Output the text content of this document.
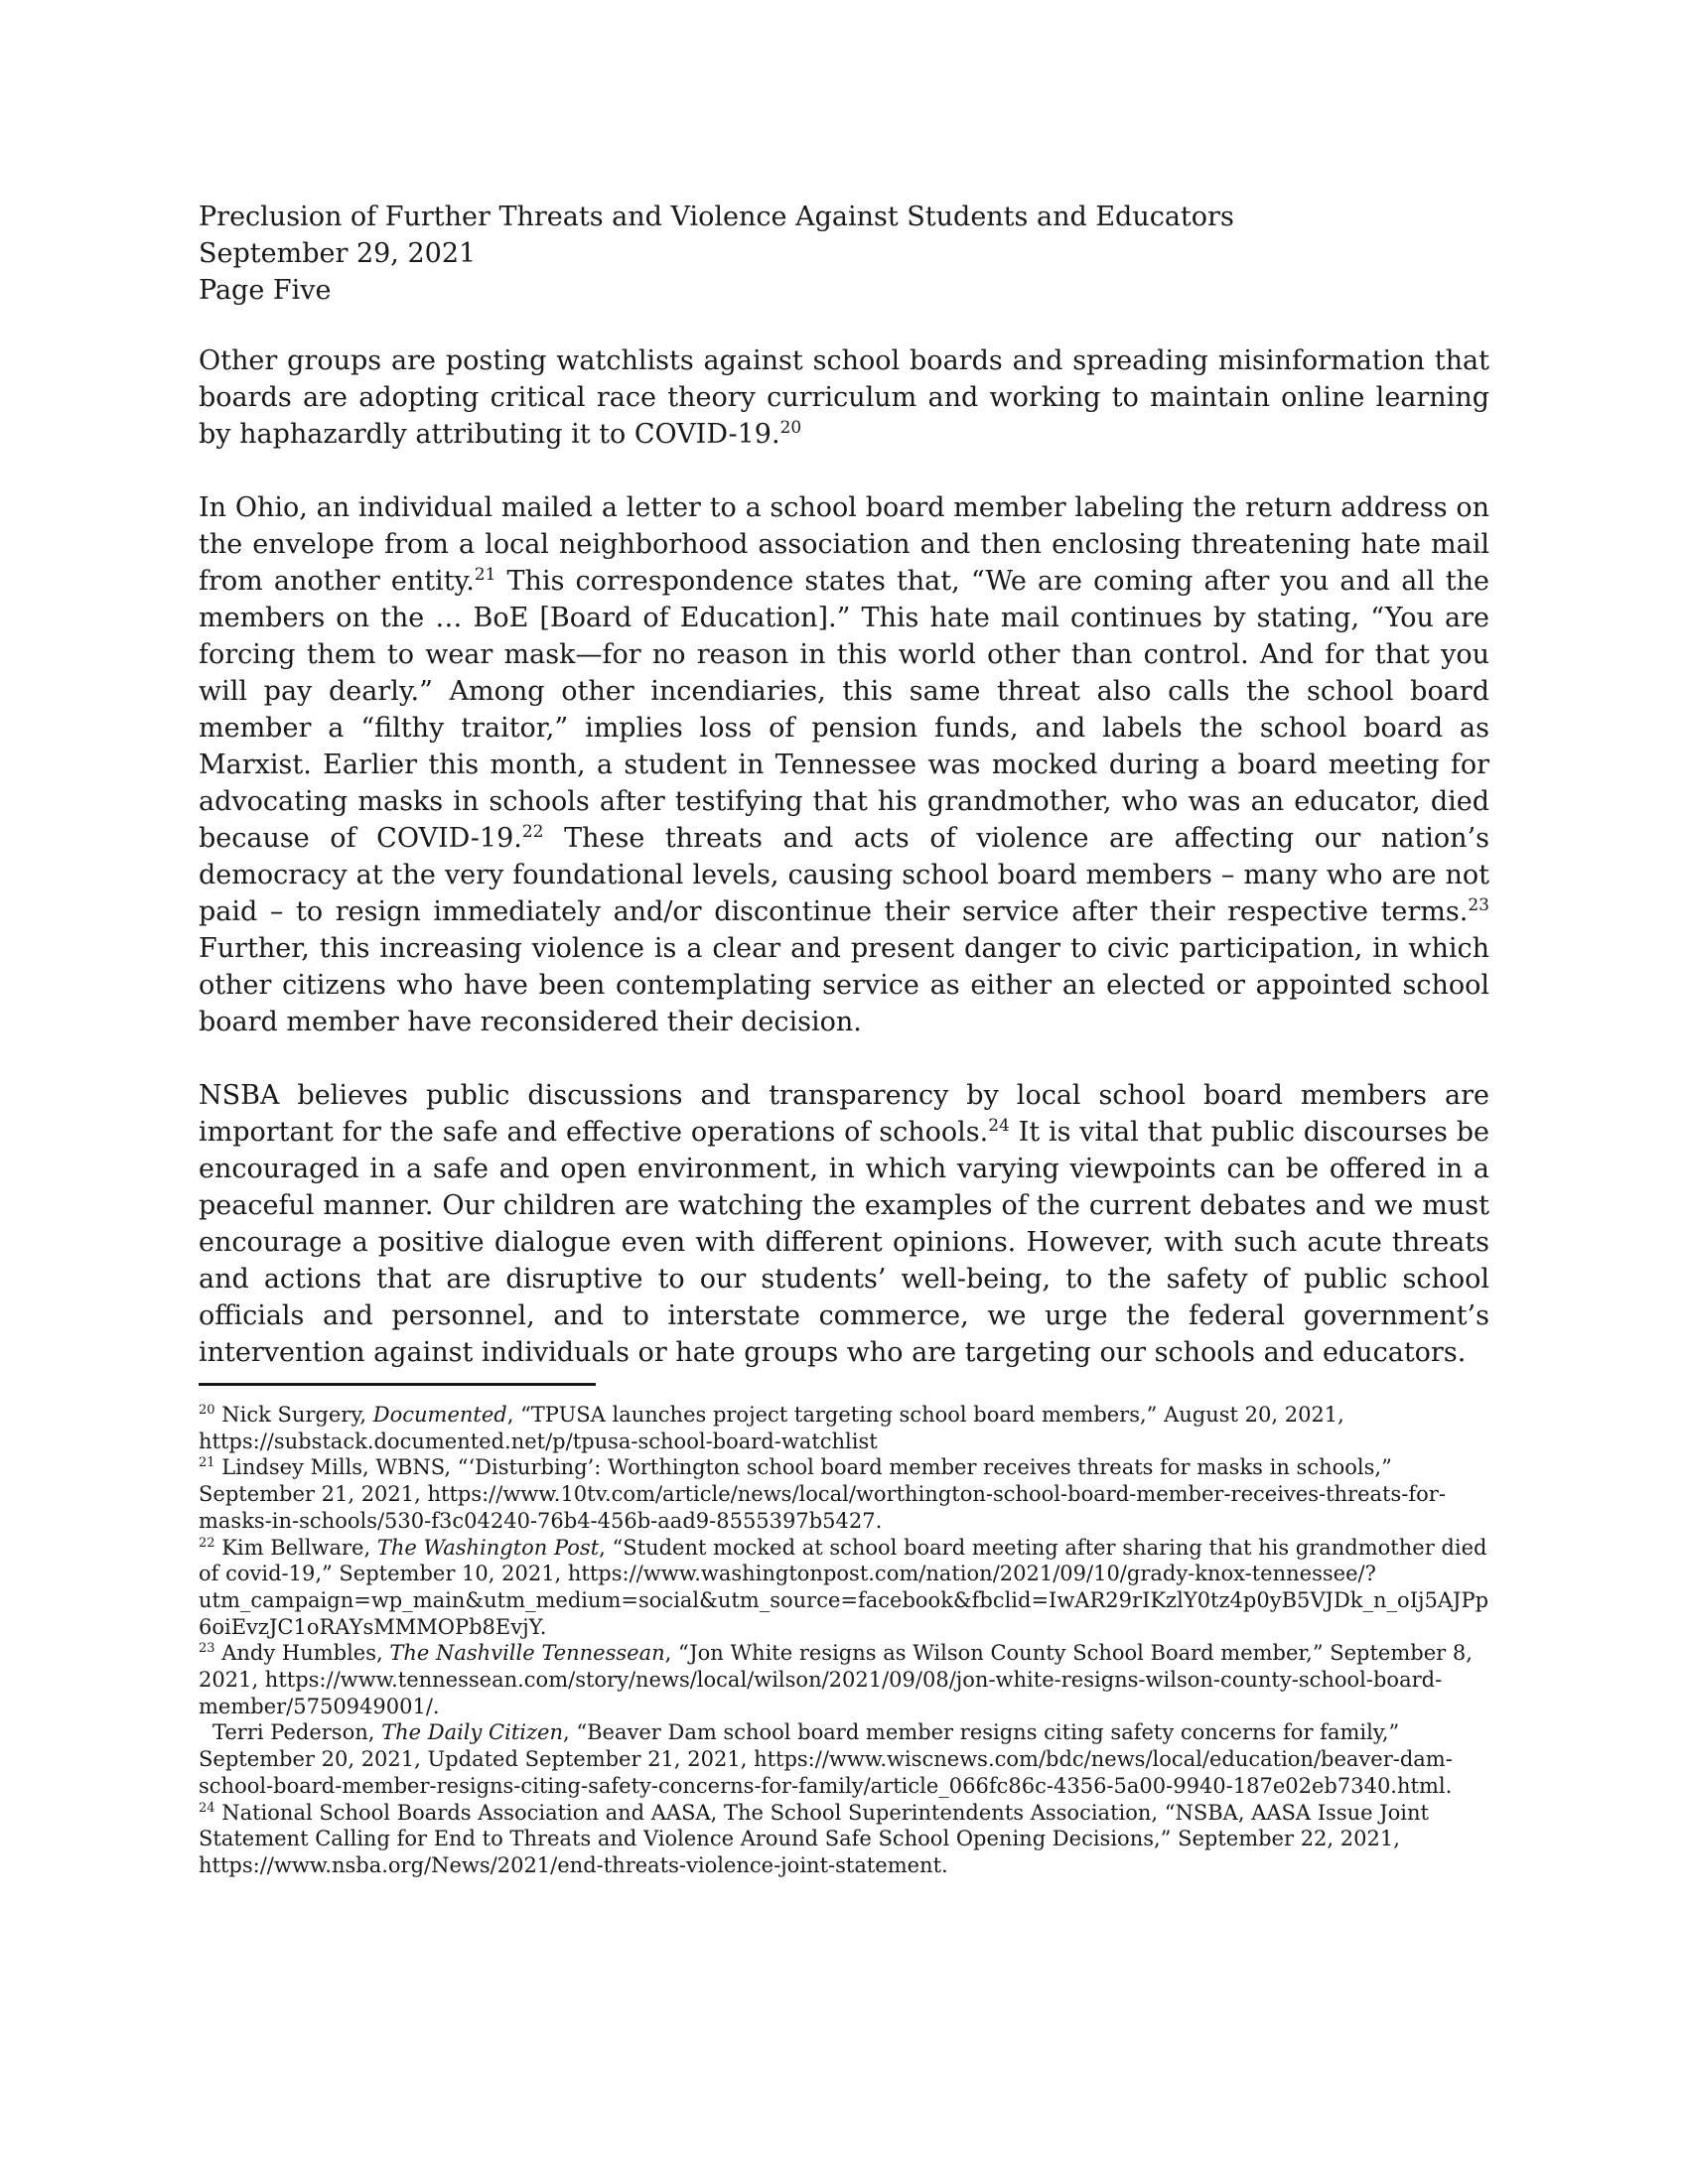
Preclusion of Further Threats and Violence Against Students and Educators
September 29, 2021
Page Five

Other groups are posting watchlists against school boards and spreading misinformation that boards are adopting critical race theory curriculum and working to maintain online learning by haphazardly attributing it to COVID-19.20

In Ohio, an individual mailed a letter to a school board member labeling the return address on the envelope from a local neighborhood association and then enclosing threatening hate mail from another entity.$^{21}$ This correspondence states that, “We are coming after you and all the members on the … BoE [Board of Education].” This hate mail continues by stating, “You are forcing them to wear mask—for no reason in this world other than control. And for that you will pay dearly.” Among other incendiaries, this same threat also calls the school board member a “filthy traitor,” implies loss of pension funds, and labels the school board as Marxist. Earlier this month, a student in Tennessee was mocked during a board meeting for advocating masks in schools after testifying that his grandmother, who was an educator, died because of COVID-19.22 These threats and acts of violence are affecting our nation’s democracy at the very foundational levels, causing school board members – many who are not paid – to resign immediately and/or discontinue their service after their respective terms.$^{23}$ Further, this increasing violence is a clear and present danger to civic participation, in which other citizens who have been contemplating service as either an elected or appointed school board member have reconsidered their decision.

NSBA believes public discussions and transparency by local school board members are important for the safe and effective operations of schools.$^{24}$ It is vital that public discourses be encouraged in a safe and open environment, in which varying viewpoints can be offered in a peaceful manner. Our children are watching the examples of the current debates and we must encourage a positive dialogue even with different opinions. However, with such acute threats and actions that are disruptive to our students’ well-being, to the safety of public school officials and personnel, and to interstate commerce, we urge the federal government’s intervention against individuals or hate groups who are targeting our schools and educators.

$^{20}$ Nick Surgery, Documented, “TPUSA launches project targeting school board members,” August 20, 2021, https://substack.documented.net/p/tpusa-school-board-watchlist

$^{21}$ Lindsey Mills, WBNS, “‘Disturbing’: Worthington school board member receives threats for masks in schools,” September 21, 2021, https://www.10tv.com/article/news/local/worthington-school-board-member-receives-threats-for-masks-in-schools/530-f3c04240-76b4-456b-aad9-8555397b5427.

$^{22}$ Kim Bellware, The Washington Post, “Student mocked at school board meeting after sharing that his grandmother died of covid-19,” September 10, 2021, https://www.washingtonpost.com/nation/2021/09/10/grady-knox-tennessee/?utm_campaign=wp_main&utm_medium=social&utm_source=facebook&fbclid=IwAR29rIKzlY0tz4p0yB5VJDk_n_oIj5AJPp6oiEvzJC1oRAYsMMMOPb8EvjY.

$^{23}$ Andy Humbles, The Nashville Tennessean, “Jon White resigns as Wilson County School Board member,” September 8, 2021, https://www.tennessean.com/story/news/local/wilson/2021/09/08/jon-white-resigns-wilson-county-school-board-member/5750949001/.

Terri Pederson, The Daily Citizen, “Beaver Dam school board member resigns citing safety concerns for family,” September 20, 2021, Updated September 21, 2021, https://www.wiscnews.com/bdc/news/local/education/beaver-dam-school-board-member-resigns-citing-safety-concerns-for-family/article_066fc86c-4356-5a00-9940-187e02eb7340.html.

$^{24}$ National School Boards Association and AASA, The School Superintendents Association, “NSBA, AASA Issue Joint Statement Calling for End to Threats and Violence Around Safe School Opening Decisions,” September 22, 2021, https://www.nsba.org/News/2021/end-threats-violence-joint-statement.
